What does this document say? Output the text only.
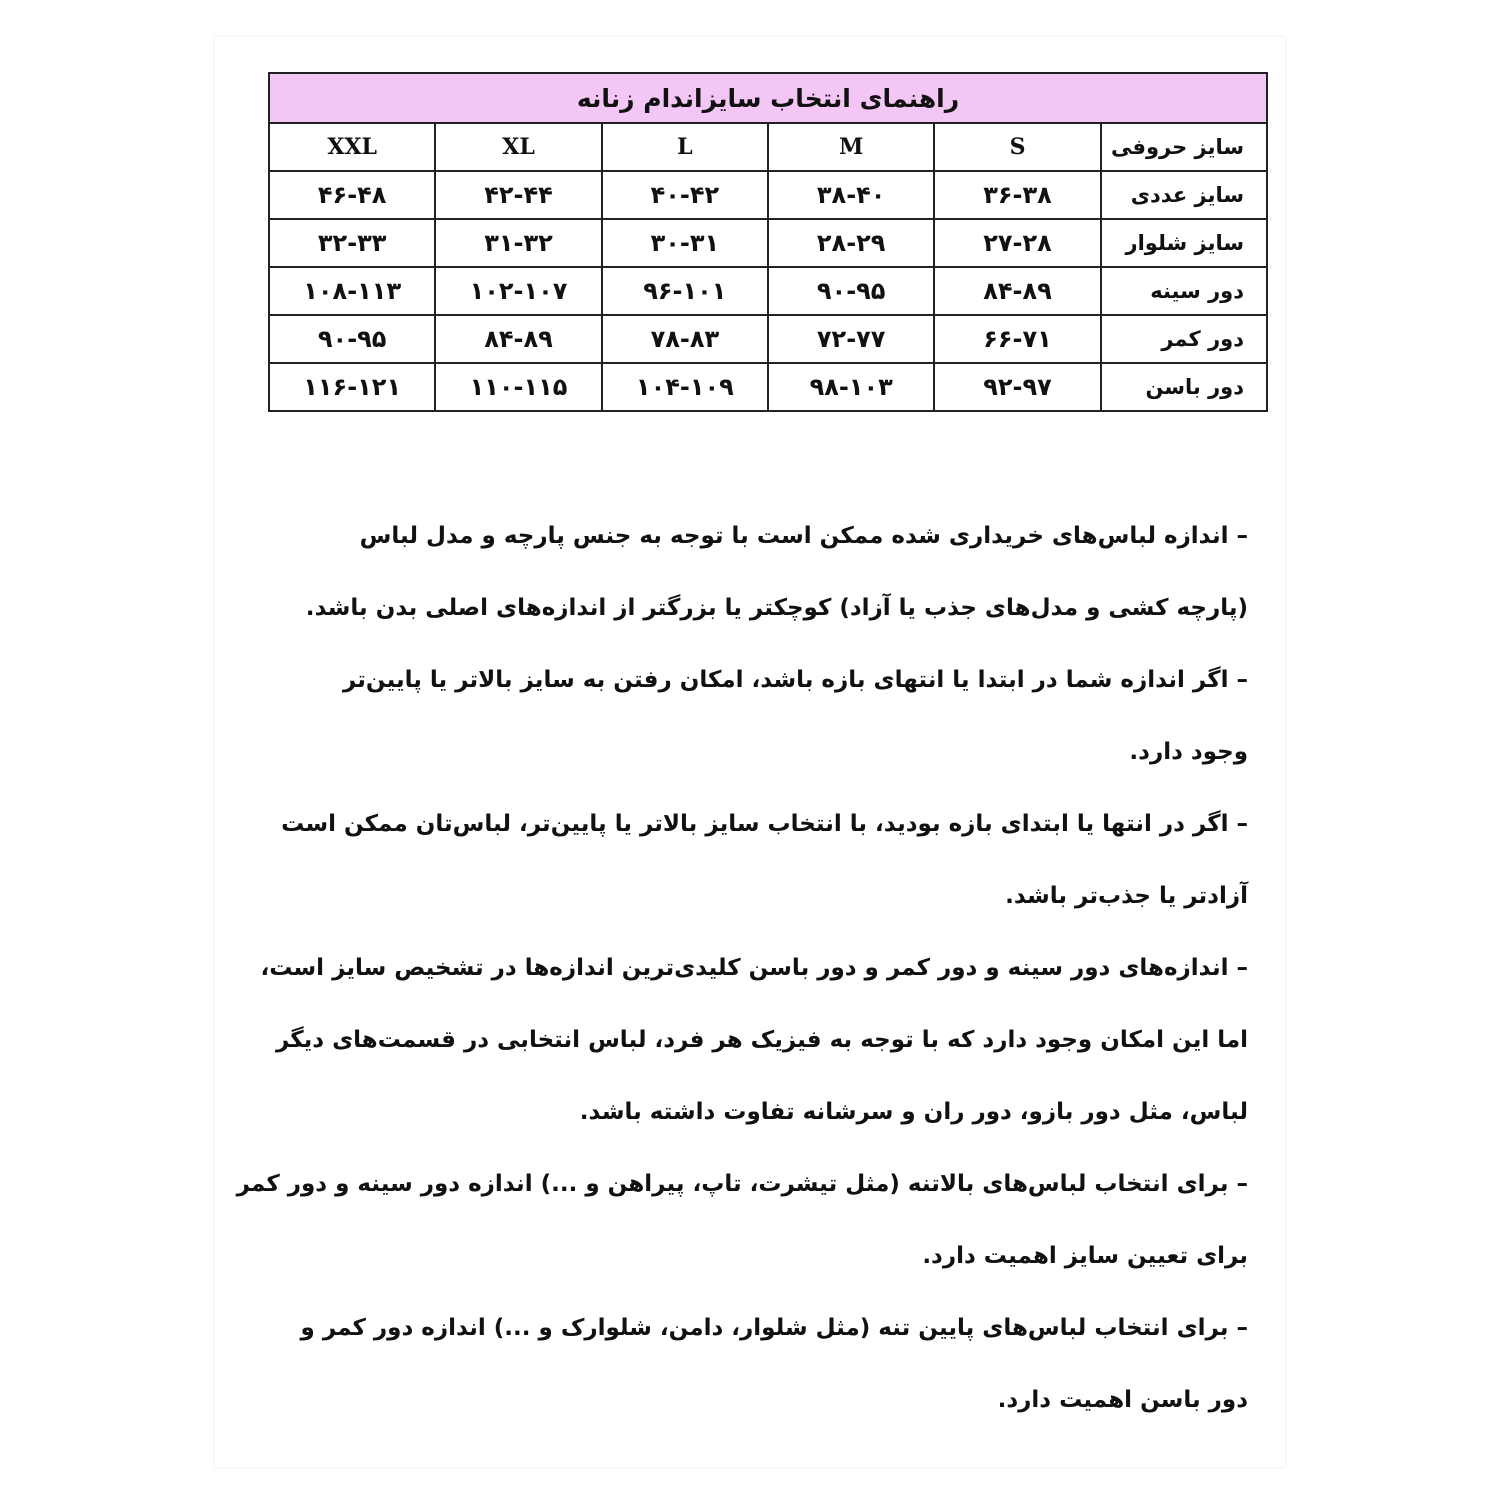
راهنمای انتخاب سایزاندام زنانه					
سایز حروفی	S	M	L	XL	XXL
سایز عددی	۳۶-۳۸	۳۸-۴۰	۴۰-۴۲	۴۲-۴۴	۴۶-۴۸
سایز شلوار	۲۷-۲۸	۲۸-۲۹	۳۰-۳۱	۳۱-۳۲	۳۲-۳۳
دور سینه	۸۴-۸۹	۹۰-۹۵	۹۶-۱۰۱	۱۰۲-۱۰۷	۱۰۸-۱۱۳
دور کمر	۶۶-۷۱	۷۲-۷۷	۷۸-۸۳	۸۴-۸۹	۹۰-۹۵
دور باسن	۹۲-۹۷	۹۸-۱۰۳	۱۰۴-۱۰۹	۱۱۰-۱۱۵	۱۱۶-۱۲۱
– اندازه لباس‌های خریداری شده ممکن است با توجه به جنس پارچه و مدل لباس
(پارچه کشی و مدل‌های جذب یا آزاد) کوچکتر یا بزرگتر از اندازه‌های اصلی بدن باشد.
– اگر اندازه شما در ابتدا یا انتهای بازه باشد، امکان رفتن به سایز بالاتر یا پایین‌تر
وجود دارد.
– اگر در انتها یا ابتدای بازه بودید، با انتخاب سایز بالاتر یا پایین‌تر، لباس‌تان ممکن است
آزادتر یا جذب‌تر باشد.
– اندازه‌های دور سینه و دور کمر و دور باسن کلیدی‌ترین اندازه‌ها در تشخیص سایز است،
اما این امکان وجود دارد که با توجه به فیزیک هر فرد، لباس انتخابی در قسمت‌های دیگر
لباس، مثل دور بازو، دور ران و سرشانه تفاوت داشته باشد.
– برای انتخاب لباس‌های بالاتنه (مثل تیشرت، تاپ، پیراهن و ...) اندازه دور سینه و دور کمر
برای تعیین سایز اهمیت دارد.
– برای انتخاب لباس‌های پایین تنه (مثل شلوار، دامن، شلوارک و ...) اندازه دور کمر و
دور باسن اهمیت دارد.
